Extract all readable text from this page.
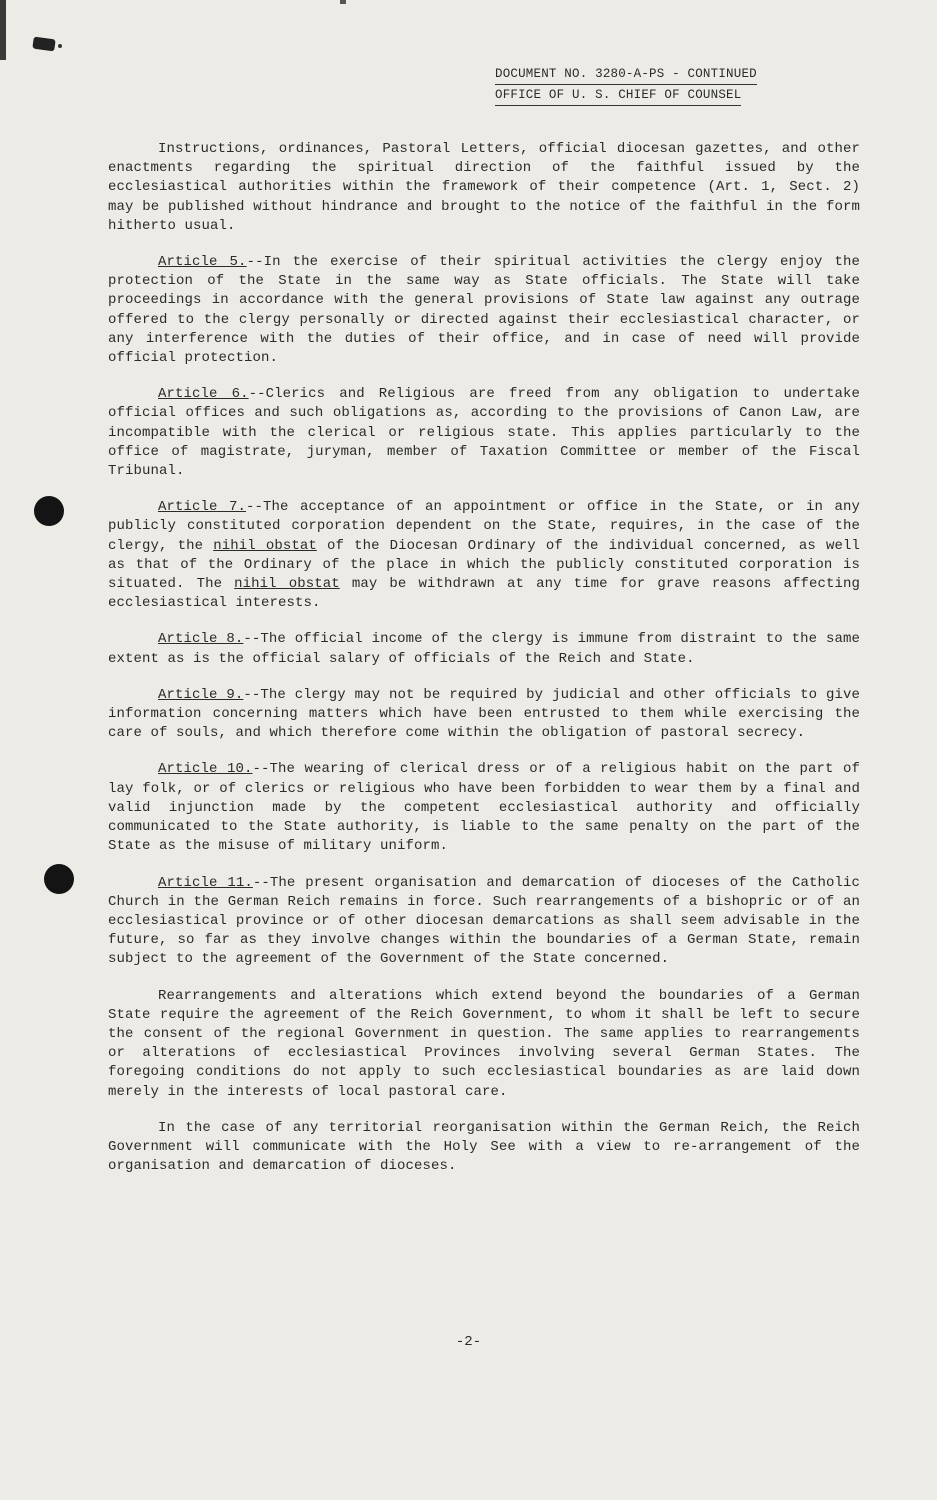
DOCUMENT NO. 3280-A-PS - CONTINUED
OFFICE OF U. S. CHIEF OF COUNSEL

Instructions, ordinances, Pastoral Letters, official diocesan gazettes, and other enactments regarding the spiritual direction of the faithful issued by the ecclesiastical authorities within the framework of their competence (Art. 1, Sect. 2) may be published without hindrance and brought to the notice of the faithful in the form hitherto usual.

Article 5.--In the exercise of their spiritual activities the clergy enjoy the protection of the State in the same way as State officials. The State will take proceedings in accordance with the general provisions of State law against any outrage offered to the clergy personally or directed against their ecclesiastical character, or any interference with the duties of their office, and in case of need will provide official protection.

Article 6.--Clerics and Religious are freed from any obligation to undertake official offices and such obligations as, according to the provisions of Canon Law, are incompatible with the clerical or religious state. This applies particularly to the office of magistrate, juryman, member of Taxation Committee or member of the Fiscal Tribunal.

Article 7.--The acceptance of an appointment or office in the State, or in any publicly constituted corporation dependent on the State, requires, in the case of the clergy, the nihil obstat of the Diocesan Ordinary of the individual concerned, as well as that of the Ordinary of the place in which the publicly constituted corporation is situated. The nihil obstat may be withdrawn at any time for grave reasons affecting ecclesiastical interests.

Article 8.--The official income of the clergy is immune from distraint to the same extent as is the official salary of officials of the Reich and State.

Article 9.--The clergy may not be required by judicial and other officials to give information concerning matters which have been entrusted to them while exercising the care of souls, and which therefore come within the obligation of pastoral secrecy.

Article 10.--The wearing of clerical dress or of a religious habit on the part of lay folk, or of clerics or religious who have been forbidden to wear them by a final and valid injunction made by the competent ecclesiastical authority and officially communicated to the State authority, is liable to the same penalty on the part of the State as the misuse of military uniform.

Article 11.--The present organisation and demarcation of dioceses of the Catholic Church in the German Reich remains in force. Such rearrangements of a bishopric or of an ecclesiastical province or of other diocesan demarcations as shall seem advisable in the future, so far as they involve changes within the boundaries of a German State, remain subject to the agreement of the Government of the State concerned.

Rearrangements and alterations which extend beyond the boundaries of a German State require the agreement of the Reich Government, to whom it shall be left to secure the consent of the regional Government in question. The same applies to rearrangements or alterations of ecclesiastical Provinces involving several German States. The foregoing conditions do not apply to such ecclesiastical boundaries as are laid down merely in the interests of local pastoral care.

In the case of any territorial reorganisation within the German Reich, the Reich Government will communicate with the Holy See with a view to re-arrangement of the organisation and demarcation of dioceses.

-2-
